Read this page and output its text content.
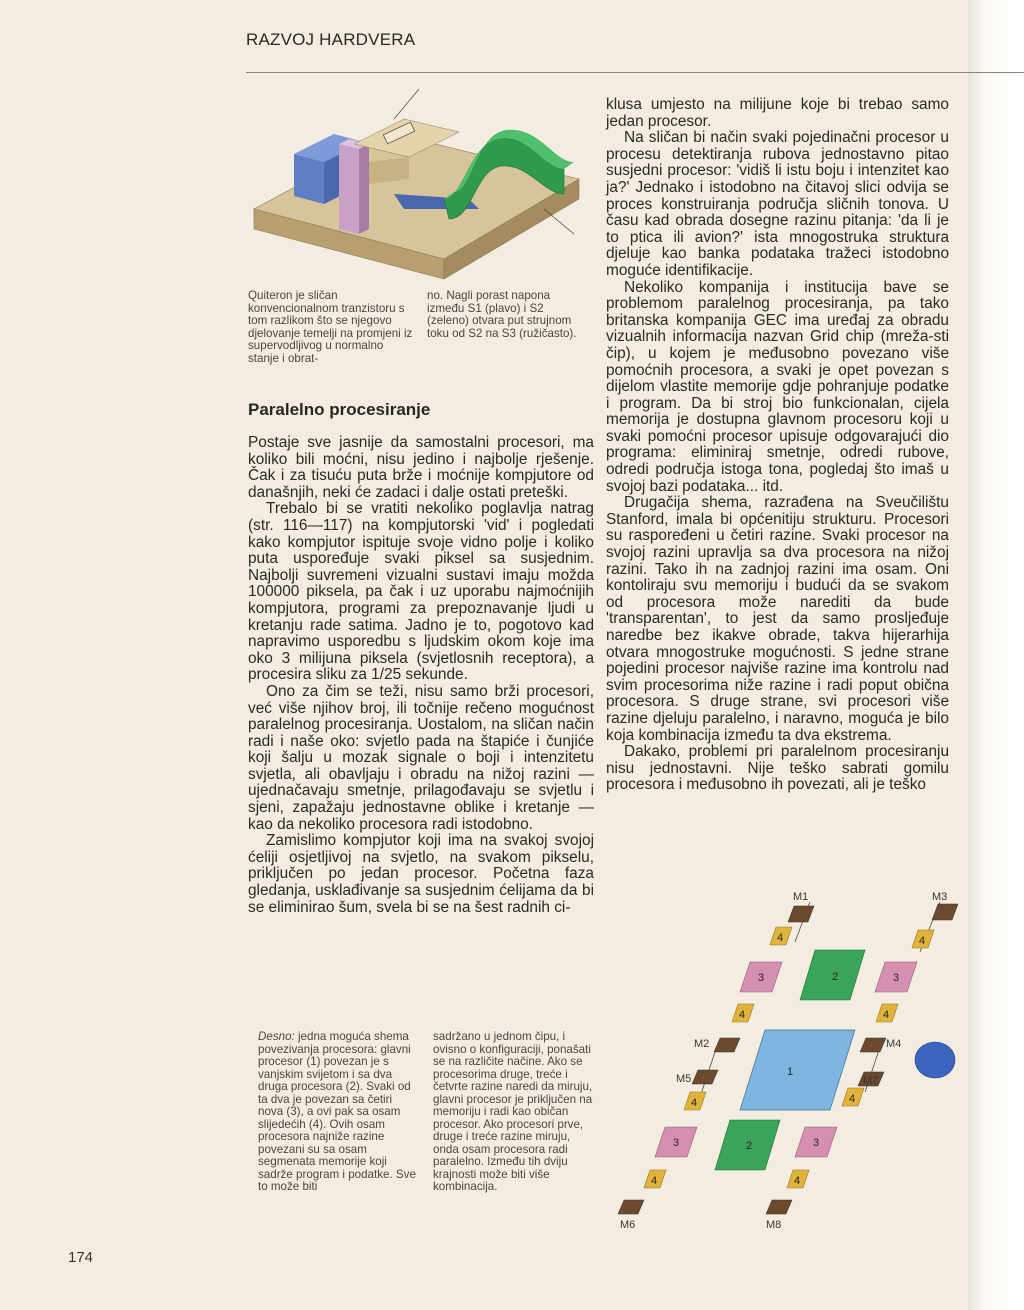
RAZVOJ HARDVERA
Quiteron je sličan konvencionalnom tranzistoru s tom razlikom što se njegovo djelovanje temelji na promjeni iz supervodljivog u normalno stanje i obrat-
no. Nagli porast napona između S1 (plavo) i S2 (zeleno) otvara put strujnom toku od S2 na S3 (ružičasto).
Paralelno procesiranje

Postaje sve jasnije da samostalni procesori, ma koliko bili moćni, nisu jedino i najbolje rješenje. Čak i za tisuću puta brže i moćnije kompjutore od današnjih, neki će zadaci i dalje ostati preteški.

Trebalo bi se vratiti nekoliko poglavlja natrag (str. 116—117) na kompjutorski 'vid' i pogledati kako kompjutor ispituje svoje vidno polje i koliko puta uspoređuje svaki piksel sa susjednim. Najbolji suvremeni vizualni sustavi imaju možda 100000 piksela, pa čak i uz uporabu najmoćnijih kompjutora, programi za prepoznavanje ljudi u kretanju rade satima. Jadno je to, pogotovo kad napravimo usporedbu s ljudskim okom koje ima oko 3 milijuna piksela (svjetlosnih receptora), a procesira sliku za 1/25 sekunde.

Ono za čim se teži, nisu samo brži procesori, već više njihov broj, ili točnije rečeno mogućnost paralelnog procesiranja. Uostalom, na sličan način radi i naše oko: svjetlo pada na štapiće i čunjiće koji šalju u mozak signale o boji i intenzitetu svjetla, ali obavljaju i obradu na nižoj razini — ujednačavaju smetnje, prilagođavaju se svjetlu i sjeni, zapažaju jednostavne oblike i kretanje — kao da nekoliko procesora radi istodobno.

Zamislimo kompjutor koji ima na svakoj svojoj ćeliji osjetljivoj na svjetlo, na svakom pikselu, priključen po jedan procesor. Početna faza gledanja, usklađivanje sa susjednim ćelijama da bi se eliminirao šum, svela bi se na šest radnih ci-

klusa umjesto na milijune koje bi trebao samo jedan procesor.

Na sličan bi način svaki pojedinačni procesor u procesu detektiranja rubova jednostavno pitao susjedni procesor: 'vidiš li istu boju i intenzitet kao ja?' Jednako i istodobno na čitavoj slici odvija se proces konstruiranja područja sličnih tonova. U času kad obrada dosegne razinu pitanja: 'da li je to ptica ili avion?' ista mnogostruka struktura djeluje kao banka podataka tražeci istodobno moguće identifikacije.

Nekoliko kompanija i institucija bave se problemom paralelnog procesiranja, pa tako britanska kompanija GEC ima uređaj za obradu vizualnih informacija nazvan Grid chip (mreža-sti čip), u kojem je međusobno povezano više pomoćnih procesora, a svaki je opet povezan s dijelom vlastite memorije gdje pohranjuje podatke i program. Da bi stroj bio funkcionalan, cijela memorija je dostupna glavnom procesoru koji u svaki pomoćni procesor upisuje odgovarajući dio programa: eliminiraj smetnje, odredi rubove, odredi područja istoga tona, pogledaj što imaš u svojoj bazi podataka... itd.

Drugačija shema, razrađena na Sveučilištu Stanford, imala bi općenitiju strukturu. Procesori su raspoređeni u četiri razine. Svaki procesor na svojoj razini upravlja sa dva procesora na nižoj razini. Tako ih na zadnjoj razini ima osam. Oni kontoliraju svu memoriju i budući da se svakom od procesora može narediti da bude 'transparentan', to jest da samo prosljeđuje naredbe bez ikakve obrade, takva hijerarhija otvara mnogostruke mogućnosti. S jedne strane pojedini procesor najviše razine ima kontrolu nad svim procesorima niže razine i radi poput obična procesora. S druge strane, svi procesori više razine djeluju paralelno, i naravno, moguća je bilo koja kombinacija između ta dva ekstrema.

Dakako, problemi pri paralelnom procesiranju nisu jednostavni. Nije teško sabrati gomilu procesora i međusobno ih povezati, ali je teško

2
2
3	3
3	3
1
4	4
4	4
4	4
4	4
M1	M3
M2	M4
M5	M7
M6	M8
Desno: jedna moguća shema povezivanja procesora: glavni procesor (1) povezan je s vanjskim svijetom i sa dva druga procesora (2). Svaki od ta dva je povezan sa četiri nova (3), a ovi pak sa osam slijedećih (4). Ovih osam procesora najniže razine povezani su sa osam segmenata memorije koji sadrže program i podatke. Sve to može biti
sadržano u jednom čipu, i ovisno o konfiguraciji, ponašati se na različite načine. Ako se procesorima druge, treće i četvrte razine naredi da miruju, glavni procesor je priključen na memoriju i radi kao običan procesor. Ako procesori prve, druge i treće razine miruju, onda osam procesora radi paralelno. Između tih dviju krajnosti može biti više kombinacija.
174
